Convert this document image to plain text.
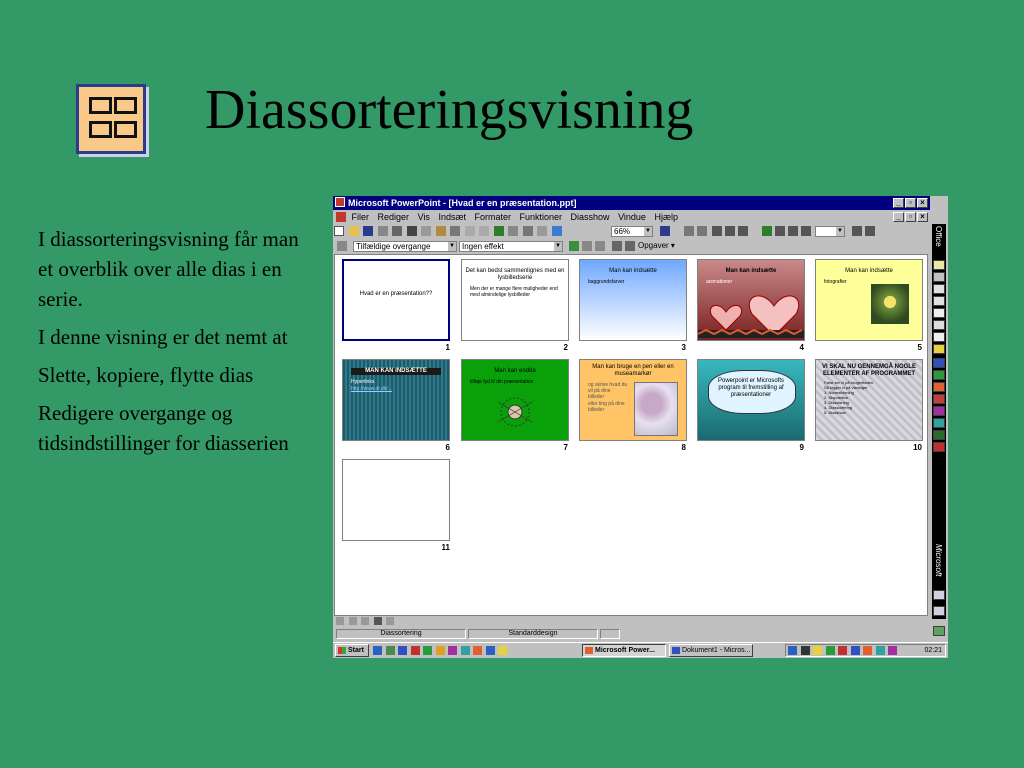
Diassorteringsvisning

I diassorteringsvisning får man et overblik over alle dias i en serie.

I denne visning er det nemt at

Slette, kopiere, flytte dias

Redigere overgange og tidsindstillinger for diasserien

Microsoft PowerPoint - [Hvad er en præsentation.ppt]	_	▫	×
Filer Rediger Vis Indsæt Formater Funktioner Diasshow Vindue Hjælp	_	▫	×

66%	▼	▼
Tilfældige overgange	▼ Ingen effekt	▼	Opgaver ▾
Hvad er en præsentation??
1
Det kan bedst sammenlignes med en lysbilledserie
Men der er mange flere muligheder end med almindelige lysbilleder
2
Man kan indsætte
baggrundsfarver
3
Man kan indsætte
animationer
4
Man kan indsætte
fotografier
5
MAN KAN INDSÆTTE
Hyperlinks
http://www.dr.dk/...
6
Man kan endda
tilføje lyd til din præsentation
7
Man kan bruge en pen eller en museamarkør
og skrive hvad du vil på dine billeder
eller ting på dine billeder
8
Powerpoint er Microsofts program til fremstilling af præsentationer
9
VI SKAL NU GENNEMGÅ NOGLE ELEMENTER AF PROGRAMMET
Først ser vi på brugerfladen
Så kigger vi på visninger
1. Normalvisning
2. Disposition
3. Diasvisning
4. Diassortering
5. Diasshow
10
11

Diassortering	Standarddesign
Office
Microsoft
Start
	Microsoft Power...	Dokument1 - Micros...
	02:21
